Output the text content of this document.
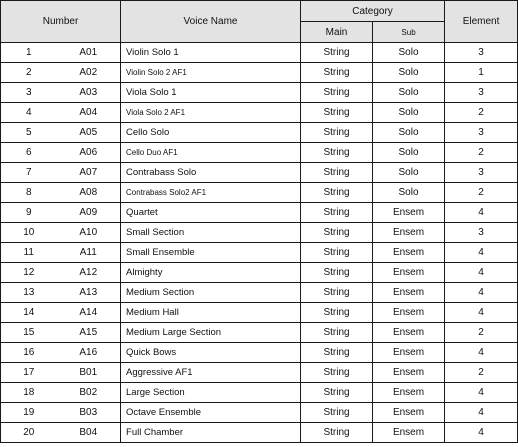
Number		Voice Name	Category		Element
			Main	Sub	
1	A01	Violin Solo 1	String	Solo	3
2	A02	Violin Solo 2 AF1	String	Solo	1
3	A03	Viola Solo 1	String	Solo	3
4	A04	Viola Solo 2 AF1	String	Solo	2
5	A05	Cello Solo	String	Solo	3
6	A06	Cello Duo AF1	String	Solo	2
7	A07	Contrabass Solo	String	Solo	3
8	A08	Contrabass Solo2 AF1	String	Solo	2
9	A09	Quartet	String	Ensem	4
10	A10	Small Section	String	Ensem	3
11	A11	Small Ensemble	String	Ensem	4
12	A12	Almighty	String	Ensem	4
13	A13	Medium Section	String	Ensem	4
14	A14	Medium Hall	String	Ensem	4
15	A15	Medium Large Section	String	Ensem	2
16	A16	Quick Bows	String	Ensem	4
17	B01	Aggressive AF1	String	Ensem	2
18	B02	Large Section	String	Ensem	4
19	B03	Octave Ensemble	String	Ensem	4
20	B04	Full Chamber	String	Ensem	4
